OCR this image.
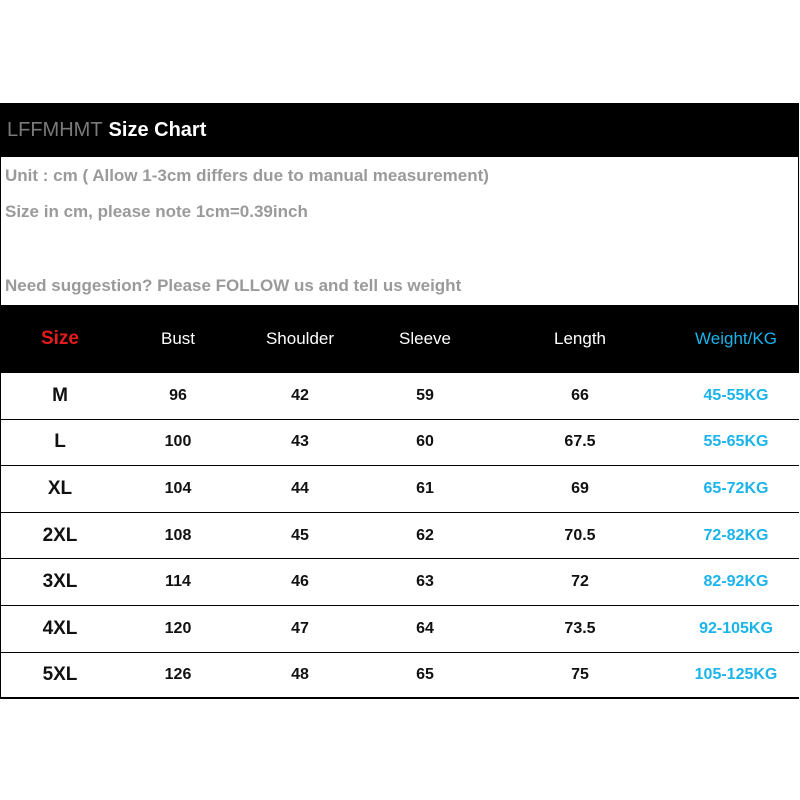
LFFMHMT Size Chart
Unit : cm ( Allow 1-3cm differs due to manual measurement)
Size in cm, please note 1cm=0.39inch
Need suggestion? Please FOLLOW us and tell us weight
Size	Bust	Shoulder	Sleeve	Length	Weight/KG
M	96	42	59	66	45-55KG
L	100	43	60	67.5	55-65KG
XL	104	44	61	69	65-72KG
2XL	108	45	62	70.5	72-82KG
3XL	114	46	63	72	82-92KG
4XL	120	47	64	73.5	92-105KG
5XL	126	48	65	75	105-125KG
